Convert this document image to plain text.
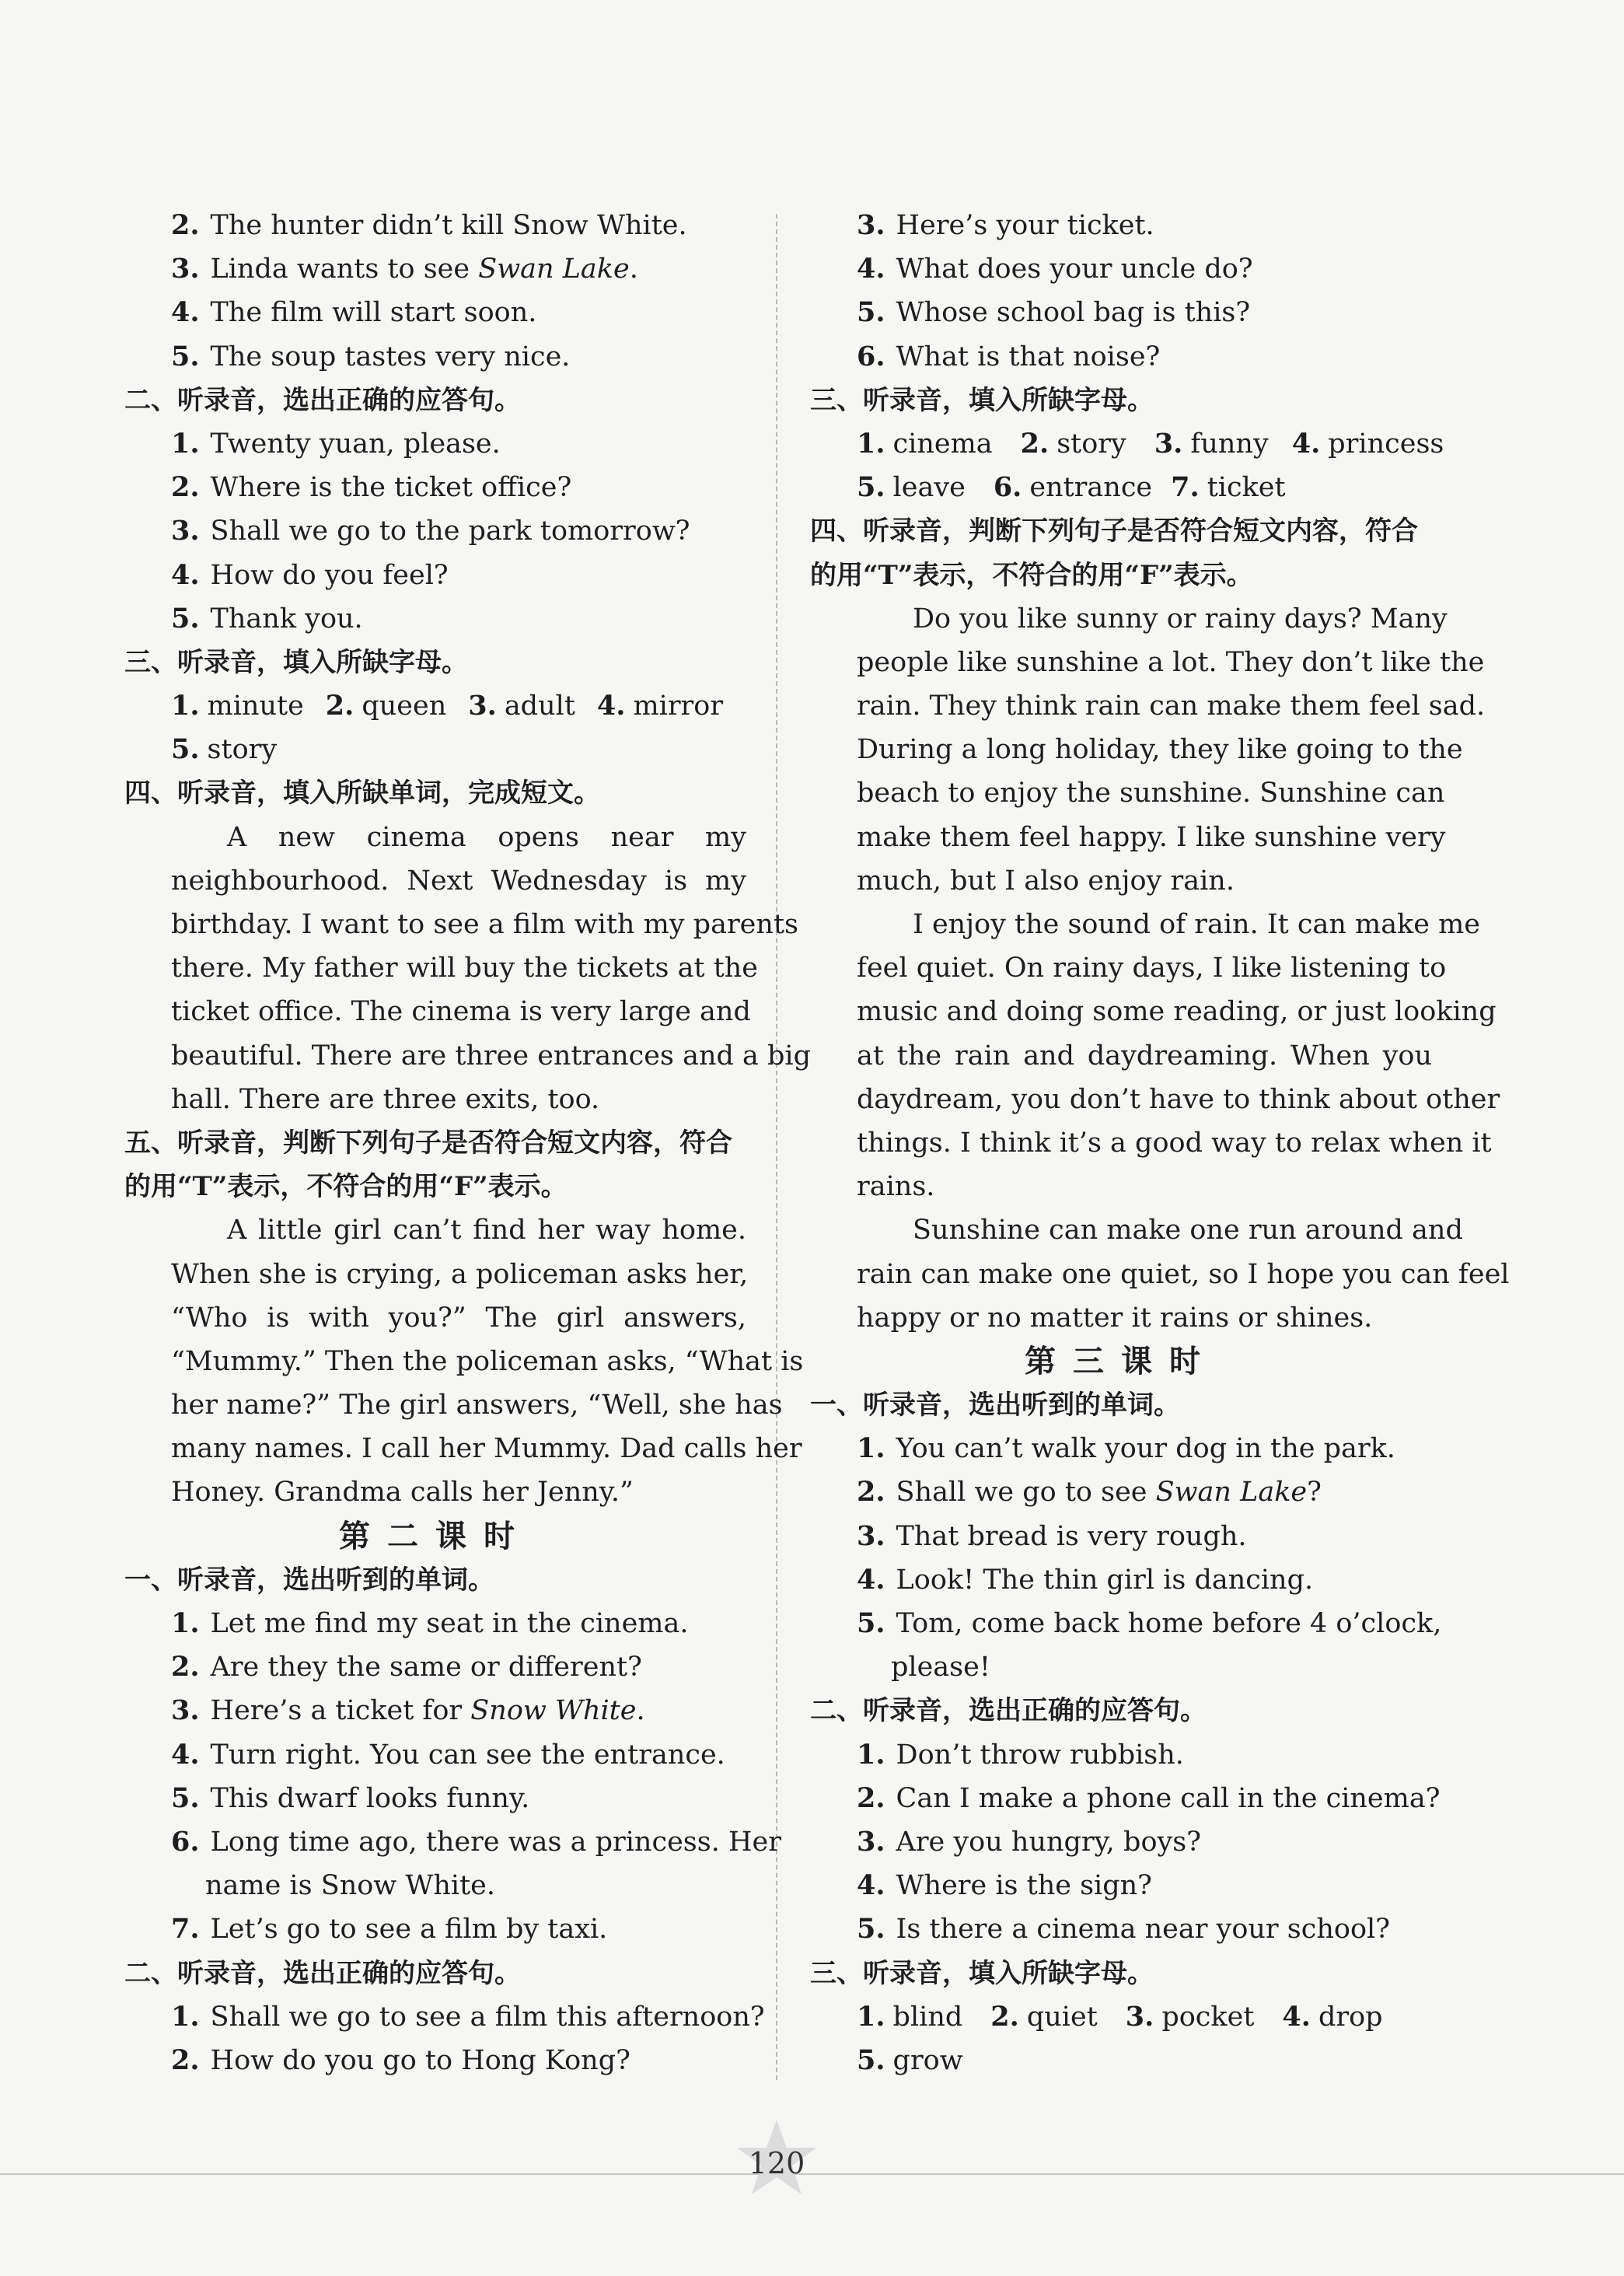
2. The hunter didn’t kill Snow White.
3. Linda wants to see Swan Lake.
4. The film will start soon.
5. The soup tastes very nice.
二、听录音，选出正确的应答句。
1. Twenty yuan, please.
2. Where is the ticket office?
3. Shall we go to the park tomorrow?
4. How do you feel?
5. Thank you.
三、听录音，填入所缺字母。
1. minute 2. queen 3. adult 4. mirror
5. story
四、听录音，填入所缺单词，完成短文。
A new cinema opens near my
neighbourhood. Next Wednesday is my
birthday. I want to see a film with my parents
there. My father will buy the tickets at the
ticket office. The cinema is very large and
beautiful. There are three entrances and a big
hall. There are three exits, too.
五、听录音，判断下列句子是否符合短文内容，符合
的用“T”表示，不符合的用“F”表示。
A little girl can’t find her way home.
When she is crying, a policeman asks her,
“Who is with you?” The girl answers,
“Mummy.” Then the policeman asks, “What is
her name?” The girl answers, “Well, she has
many names. I call her Mummy. Dad calls her
Honey. Grandma calls her Jenny.”
第二课时
一、听录音，选出听到的单词。
1. Let me find my seat in the cinema.
2. Are they the same or different?
3. Here’s a ticket for Snow White.
4. Turn right. You can see the entrance.
5. This dwarf looks funny.
6. Long time ago, there was a princess. Her
name is Snow White.
7. Let’s go to see a film by taxi.
二、听录音，选出正确的应答句。
1. Shall we go to see a film this afternoon?
2. How do you go to Hong Kong?
3. Here’s your ticket.
4. What does your uncle do?
5. Whose school bag is this?
6. What is that noise?
三、听录音，填入所缺字母。
1. cinema 2. story 3. funny 4. princess
5. leave 6. entrance 7. ticket
四、听录音，判断下列句子是否符合短文内容，符合
的用“T”表示，不符合的用“F”表示。
Do you like sunny or rainy days? Many
people like sunshine a lot. They don’t like the
rain. They think rain can make them feel sad.
During a long holiday, they like going to the
beach to enjoy the sunshine. Sunshine can
make them feel happy. I like sunshine very
much, but I also enjoy rain.
I enjoy the sound of rain. It can make me
feel quiet. On rainy days, I like listening to
music and doing some reading, or just looking
at the rain and daydreaming. When you
daydream, you don’t have to think about other
things. I think it’s a good way to relax when it
rains.
Sunshine can make one run around and
rain can make one quiet, so I hope you can feel
happy or no matter it rains or shines.
第三课时
一、听录音，选出听到的单词。
1. You can’t walk your dog in the park.
2. Shall we go to see Swan Lake?
3. That bread is very rough.
4. Look! The thin girl is dancing.
5. Tom, come back home before 4 o’clock,
please!
二、听录音，选出正确的应答句。
1. Don’t throw rubbish.
2. Can I make a phone call in the cinema?
3. Are you hungry, boys?
4. Where is the sign?
5. Is there a cinema near your school?
三、听录音，填入所缺字母。
1. blind 2. quiet 3. pocket 4. drop
5. grow
120
